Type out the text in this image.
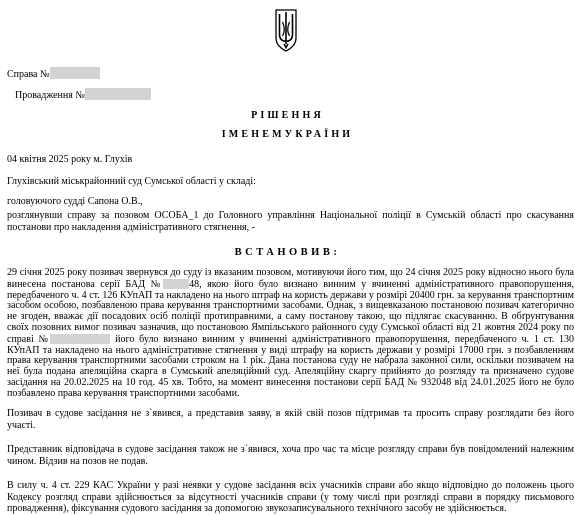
Справа №
Провадження №
РІШЕННЯ
ІМЕНЕМУКРАЇНИ
04 квітня 2025 року м. Глухів
Глухівський міськрайонний суд Сумської області у складі:
головуючого судді Сапона О.В.,
розглянувши справу за позовом ОСОБА_1 до Головного управління Національної поліції в Сумській області про скасування постанови про накладення адміністративного стягнення, -
ВСТАНОВИВ:
29 січня 2025 року позивач звернувся до суду із вказаним позовом, мотивуючи його тим, що 24 січня 2025 року відносно нього була винесена постанова серії БАД №	48, якою його було визнано винним у вчиненні адміністративного правопорушення, передбаченого ч. 4 ст. 126 КУпАП та накладено на нього штраф на користь держави у розмірі 20400 грн. за керування транспортним засобом особою, позбавленою права керування транспортними засобами. Однак, з вищевказаною постановою позивач категорично не згоден, вважає дії посадових осіб поліції протиправними, а саму постанову такою, що підлягає скасуванню. В обґрунтування своїх позовних вимог позивач зазначив, що постановою Ямпільського районного суду Сумської області від 21 жовтня 2024 року по справі №	його було визнано винним у вчиненні адміністративного правопорушення, передбаченого ч. 1 ст. 130 КУпАП та накладено на нього адміністративне стягнення у виді штрафу на користь держави у розмірі 17000 грн. з позбавленням права керування транспортними засобами строком на 1 рік. Дана постанова суду не набрала законної сили, оскільки позивачем на неї була подана апеляційна скарга в Сумський апеляційний суд. Апеляційну скаргу прийнято до розгляду та призначено судове засідання на 20.02.2025 на 10 год. 45 хв. Тобто, на момент винесення постанови серії БАД № 932048 від 24.01.2025 його не було позбавлено права керування транспортними засобами.
Позивач в судове засідання не з`явився, а представив заяву, в якій свій позов підтримав та просить справу розглядати без його участі.
Представник відповідача в судове засідання також не з`явився, хоча про час та місце розгляду справи був повідомлений належним чином. Відзив на позов не подав.
В силу ч. 4 ст. 229 КАС України у разі неявки у судове засідання всіх учасників справи або якщо відповідно до положень цього Кодексу розгляд справи здійснюється за відсутності учасників справи (у тому числі при розгляді справи в порядку письмового провадження), фіксування судового засідання за допомогою звукозаписувального технічного засобу не здійснюється.
